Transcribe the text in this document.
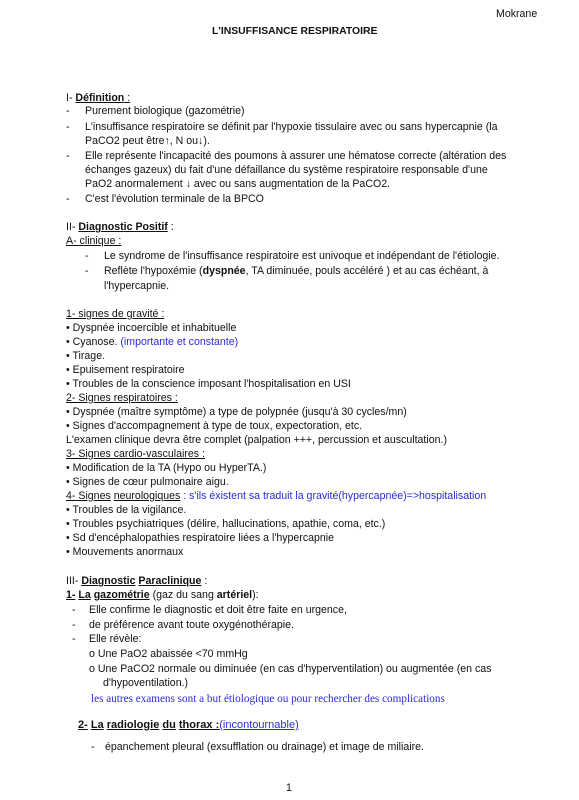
Mokrane
L'INSUFFISANCE RESPIRATOIRE
I- Définition :
- Purement biologique (gazométrie)
- L'insuffisance respiratoire se définit par l'hypoxie tissulaire avec ou sans hypercapnie (la
PaCO2 peut être↑, N ou↓).
- Elle représente l'incapacité des poumons à assurer une hématose correcte (altération des
échanges gazeux) du fait d'une défaillance du système respiratoire responsable d'une
PaO2 anormalement ↓ avec ou sans augmentation de la PaCO2.
- C'est l'évolution terminale de la BPCO
II- Diagnostic Positif :
A- clinique :
- Le syndrome de l'insuffisance respiratoire est univoque et indépendant de l'étiologie.
- Reflète l'hypoxémie (dyspnée, TA diminuée, pouls accéléré ) et au cas échéant, à
l'hypercapnie.
1- signes de gravité :
• Dyspnée incoercible et inhabituelle
• Cyanose. (importante et constante)
• Tirage.
• Epuisement respiratoire
• Troubles de la conscience imposant l'hospitalisation en USI
2- Signes respiratoires :
• Dyspnée (maître symptôme) a type de polypnée (jusqu'à 30 cycles/mn)
• Signes d'accompagnement à type de toux, expectoration, etc.
L'examen clinique devra être complet (palpation +++, percussion et auscultation.)
3- Signes cardio-vasculaires :
• Modification de la TA (Hypo ou HyperTA.)
• Signes de cœur pulmonaire aigu.
4- Signes neurologiques : s'ils éxistent sa traduit la gravité(hypercapnée)=>hospitalisation
• Troubles de la vigilance.
• Troubles psychiatriques (délire, hallucinations, apathie, coma, etc.)
• Sd d'encéphalopathies respiratoire liées a l'hypercapnie
• Mouvements anormaux
III- Diagnostic Paraclinique :
1- La gazométrie (gaz du sang artériel):
- Elle confirme le diagnostic et doit être faite en urgence,
- de préférence avant toute oxygénothérapie.
- Elle révèle:
o Une PaO2 abaissée <70 mmHg
o Une PaCO2 normale ou diminuée (en cas d'hyperventilation) ou augmentée (en cas
d'hypoventilation.)
les autres examens sont a but étiologique ou pour rechercher des complications
2- La radiologie du thorax :(incontournable)
- épanchement pleural (exsufflation ou drainage) et image de miliaire.
1
